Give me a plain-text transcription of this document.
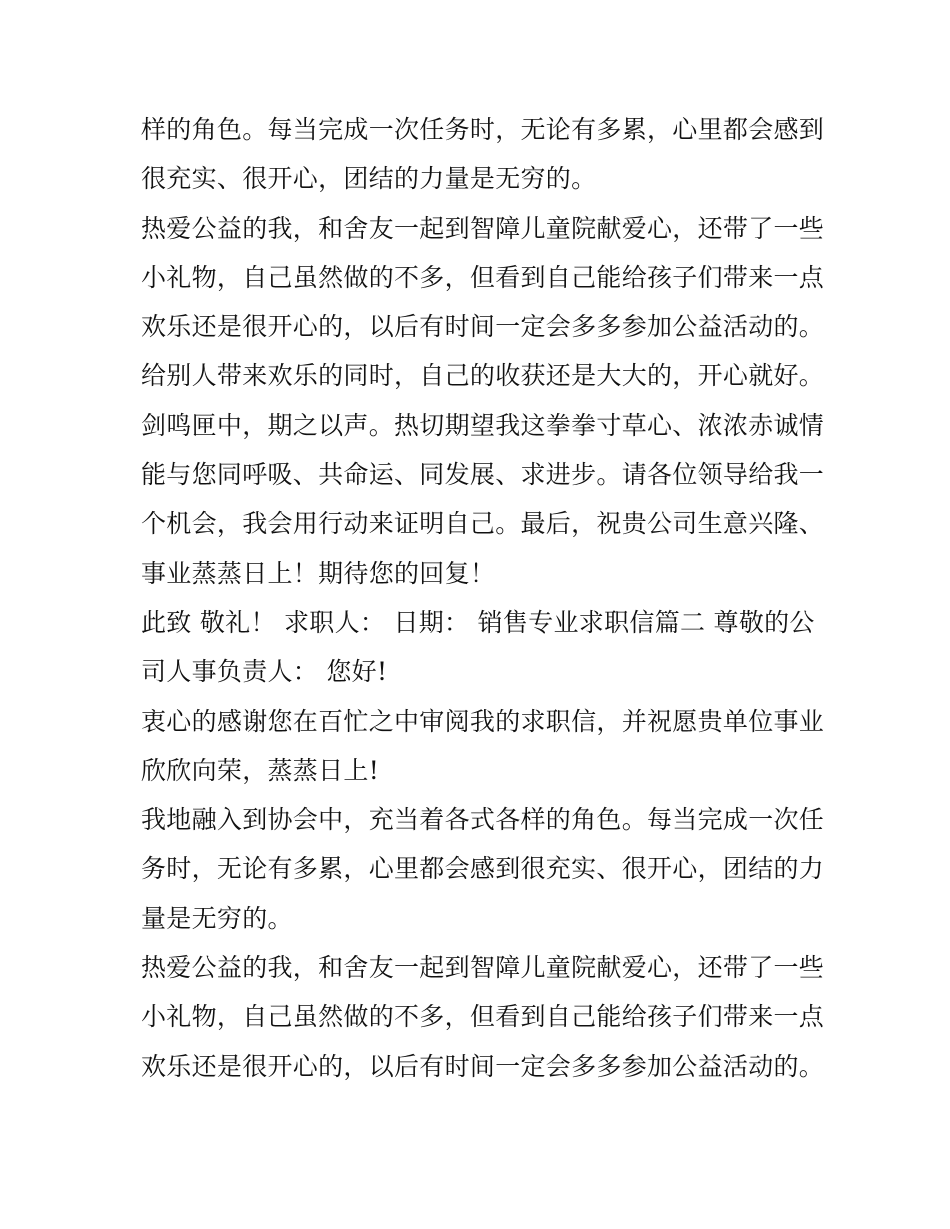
样的角色。每当完成一次任务时，无论有多累，心里都会感到
很充实、很开心，团结的力量是无穷的。
热爱公益的我，和舍友一起到智障儿童院献爱心，还带了一些
小礼物，自己虽然做的不多，但看到自己能给孩子们带来一点
欢乐还是很开心的，以后有时间一定会多多参加公益活动的。
给别人带来欢乐的同时，自己的收获还是大大的，开心就好。
剑鸣匣中，期之以声。热切期望我这拳拳寸草心、浓浓赤诚情
能与您同呼吸、共命运、同发展、求进步。请各位领导给我一
个机会，我会用行动来证明自己。最后，祝贵公司生意兴隆、
事业蒸蒸日上！期待您的回复！
此致 敬礼！ 求职人： 日期： 销售专业求职信篇二 尊敬的公
司人事负责人： 您好!
衷心的感谢您在百忙之中审阅我的求职信，并祝愿贵单位事业
欣欣向荣，蒸蒸日上!
我地融入到协会中，充当着各式各样的角色。每当完成一次任
务时，无论有多累，心里都会感到很充实、很开心，团结的力
量是无穷的。
热爱公益的我，和舍友一起到智障儿童院献爱心，还带了一些
小礼物，自己虽然做的不多，但看到自己能给孩子们带来一点
欢乐还是很开心的，以后有时间一定会多多参加公益活动的。
